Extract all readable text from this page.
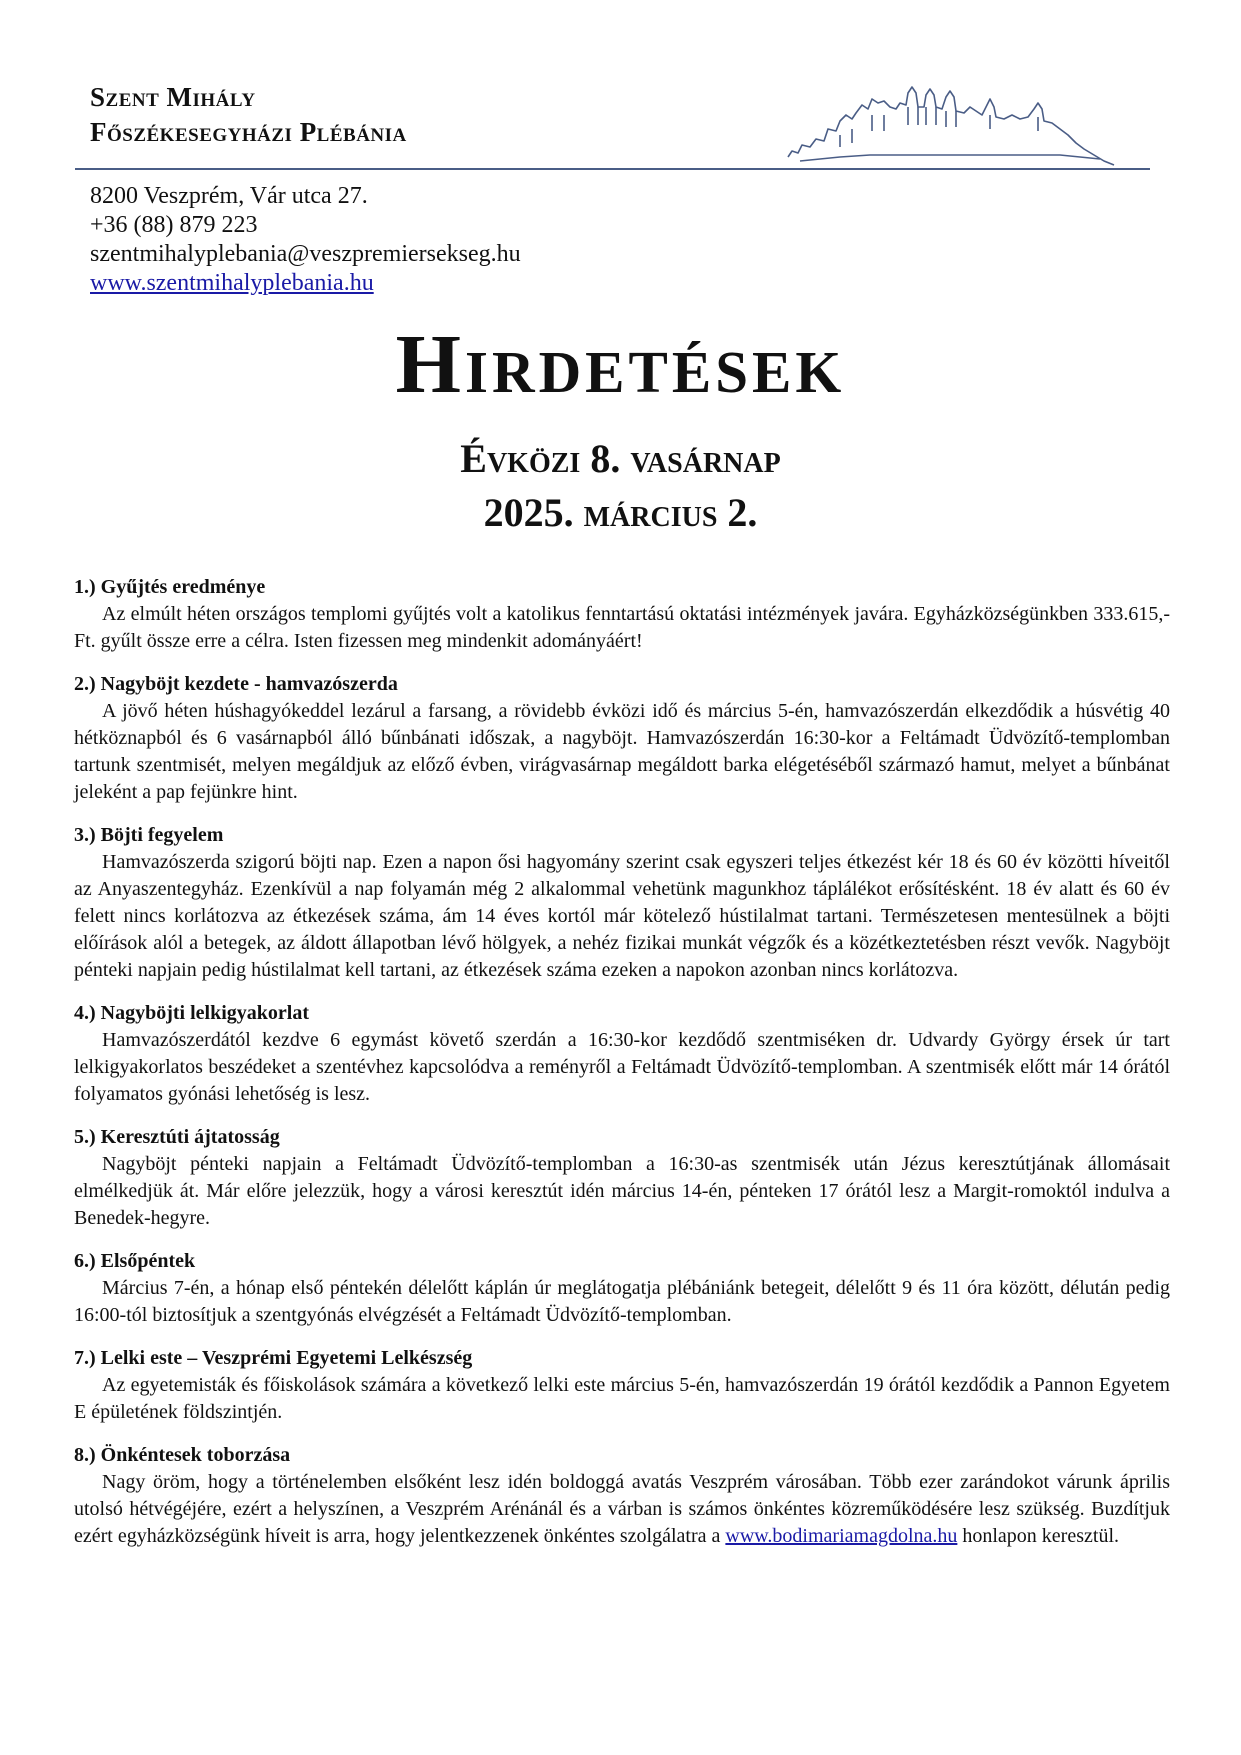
Szent Mihály
Főszékesegyházi Plébánia
8200 Veszprém, Vár utca 27.
+36 (88) 879 223
szentmihalyplebania@veszpremiersekseg.hu
www.szentmihalyplebania.hu
Hirdetések
Évközi 8. vasárnap
2025. március 2.
1.) Gyűjtés eredménye
Az elmúlt héten országos templomi gyűjtés volt a katolikus fenntartású oktatási intézmények javára. Egyházközségünkben 333.615,- Ft. gyűlt össze erre a célra. Isten fizessen meg mindenkit adományáért!
2.) Nagyböjt kezdete - hamvazószerda
A jövő héten húshagyókeddel lezárul a farsang, a rövidebb évközi idő és március 5-én, hamvazószerdán elkezdődik a húsvétig 40 hétköznapból és 6 vasárnapból álló bűnbánati időszak, a nagyböjt. Hamvazószerdán 16:30-kor a Feltámadt Üdvözítő-templomban tartunk szentmisét, melyen megáldjuk az előző évben, virágvasárnap megáldott barka elégetéséből származó hamut, melyet a bűnbánat jeleként a pap fejünkre hint.
3.) Böjti fegyelem
Hamvazószerda szigorú böjti nap. Ezen a napon ősi hagyomány szerint csak egyszeri teljes étkezést kér 18 és 60 év közötti híveitől az Anyaszentegyház. Ezenkívül a nap folyamán még 2 alkalommal vehetünk magunkhoz táplálékot erősítésként. 18 év alatt és 60 év felett nincs korlátozva az étkezések száma, ám 14 éves kortól már kötelező hústilalmat tartani. Természetesen mentesülnek a böjti előírások alól a betegek, az áldott állapotban lévő hölgyek, a nehéz fizikai munkát végzők és a közétkeztetésben részt vevők. Nagyböjt pénteki napjain pedig hústilalmat kell tartani, az étkezések száma ezeken a napokon azonban nincs korlátozva.
4.) Nagyböjti lelkigyakorlat
Hamvazószerdától kezdve 6 egymást követő szerdán a 16:30-kor kezdődő szentmiséken dr. Udvardy György érsek úr tart lelkigyakorlatos beszédeket a szentévhez kapcsolódva a reményről a Feltámadt Üdvözítő-templomban. A szentmisék előtt már 14 órától folyamatos gyónási lehetőség is lesz.
5.) Keresztúti ájtatosság
Nagyböjt pénteki napjain a Feltámadt Üdvözítő-templomban a 16:30-as szentmisék után Jézus keresztútjának állomásait elmélkedjük át. Már előre jelezzük, hogy a városi keresztút idén március 14-én, pénteken 17 órától lesz a Margit-romoktól indulva a Benedek-hegyre.
6.) Elsőpéntek
Március 7-én, a hónap első péntekén délelőtt káplán úr meglátogatja plébániánk betegeit, délelőtt 9 és 11 óra között, délután pedig 16:00-tól biztosítjuk a szentgyónás elvégzését a Feltámadt Üdvözítő-templomban.
7.) Lelki este – Veszprémi Egyetemi Lelkészség
Az egyetemisták és főiskolások számára a következő lelki este március 5-én, hamvazószerdán 19 órától kezdődik a Pannon Egyetem E épületének földszintjén.
8.) Önkéntesek toborzása
Nagy öröm, hogy a történelemben elsőként lesz idén boldoggá avatás Veszprém városában. Több ezer zarándokot várunk április utolsó hétvégéjére, ezért a helyszínen, a Veszprém Arénánál és a várban is számos önkéntes közreműködésére lesz szükség. Buzdítjuk ezért egyházközségünk híveit is arra, hogy jelentkezzenek önkéntes szolgálatra a www.bodimariamagdolna.hu honlapon keresztül.
